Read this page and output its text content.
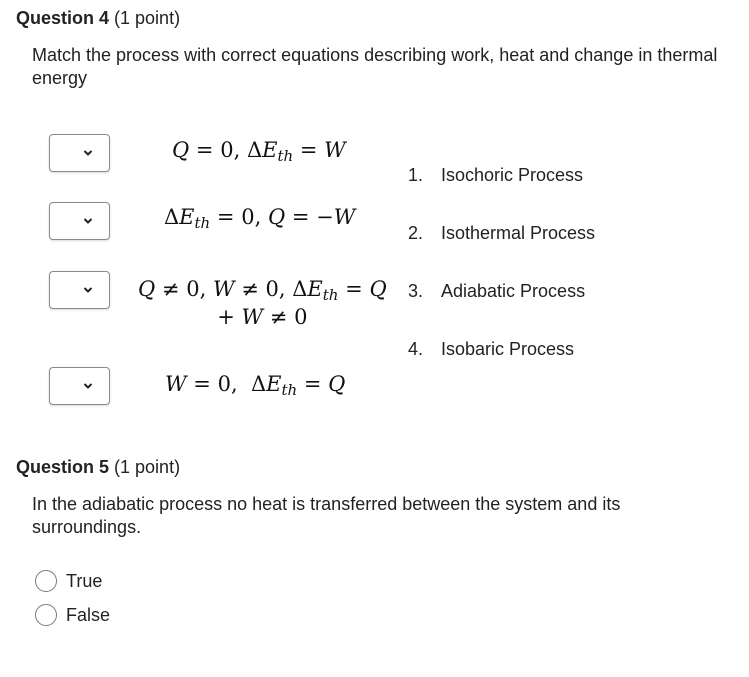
Question 4 (1 point)
Match the process with correct equations describing work, heat and change in thermal energy
Q = 0, $\Delta E_{th} = W$
$\Delta E_{th} = 0$, Q = −W
Q ≠ 0, W ≠ 0, $\Delta E_{th} = Q$
+ W ≠ 0
W = 0, $\Delta E_{th} = Q$
1. Isochoric Process
2. Isothermal Process
3. Adiabatic Process
4. Isobaric Process
Question 5 (1 point)
In the adiabatic process no heat is transferred between the system and its surroundings.
True
False
